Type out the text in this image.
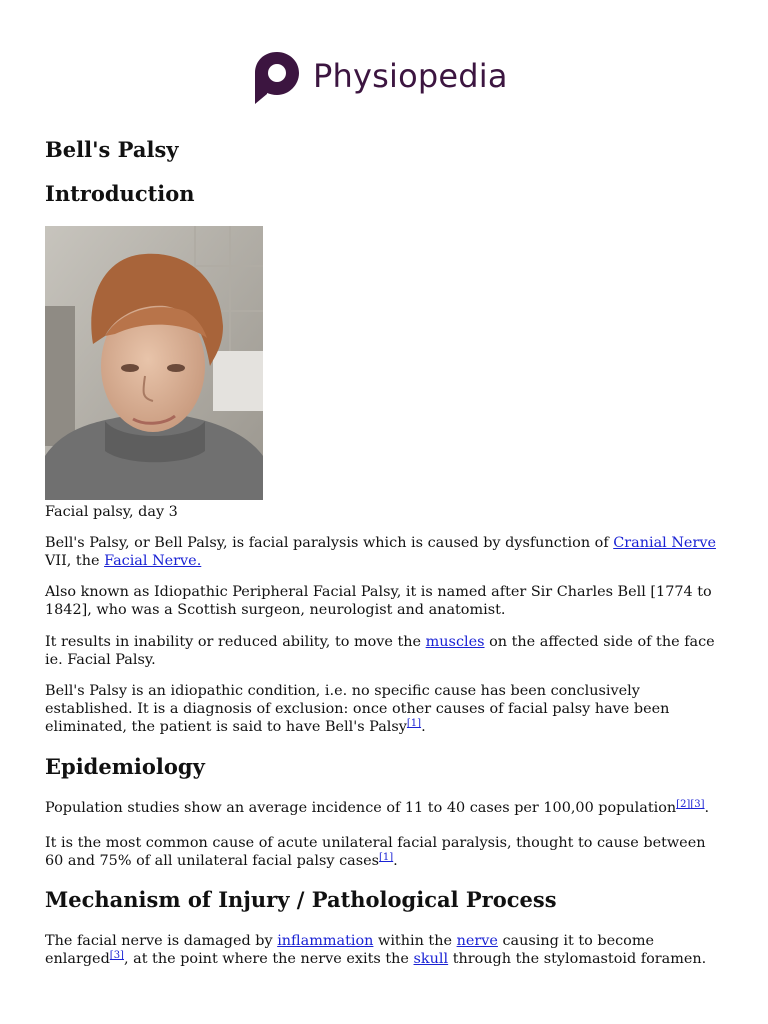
Physiopedia
Bell's Palsy
Introduction

Facial palsy, day 3

Bell's Palsy, or Bell Palsy, is facial paralysis which is caused by dysfunction of Cranial Nerve VII, the Facial Nerve.

Also known as Idiopathic Peripheral Facial Palsy, it is named after Sir Charles Bell [1774 to 1842], who was a Scottish surgeon, neurologist and anatomist.

It results in inability or reduced ability, to move the muscles on the affected side of the face ie. Facial Palsy.

Bell's Palsy is an idiopathic condition, i.e. no specific cause has been conclusively established. It is a diagnosis of exclusion: once other causes of facial palsy have been eliminated, the patient is said to have Bell's Palsy[1].

Epidemiology

Population studies show an average incidence of 11 to 40 cases per 100,00 population[2][3].

It is the most common cause of acute unilateral facial paralysis, thought to cause between 60 and 75% of all unilateral facial palsy cases[1].

Mechanism of Injury / Pathological Process

The facial nerve is damaged by inflammation within the nerve causing it to become enlarged[3], at the point where the nerve exits the skull through the stylomastoid foramen.
